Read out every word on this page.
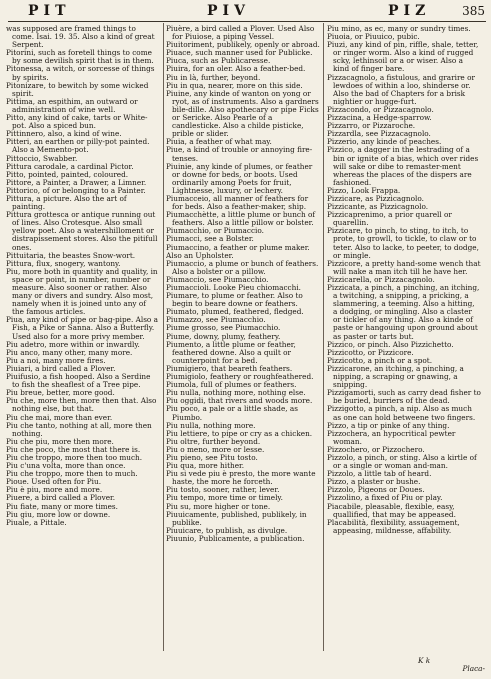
PIT	PIV	PIZ	385

was supposed are framed things to come. Isai. 19. 35. Also a kind of great Serpent.

Pitorini, such as foretell things to come by some devilish spirit that is in them.

Pitonessa, a witch, or sorcesse of things by spirits.

Pitonizare, to bewitch by some wicked spirit.

Pittima, an espithim, an outward or administration of wine well.

Pitto, any kind of cake, tarts or White-pot. Also a spiced bun.

Pittinnero, also, a kind of wine.

Pitteri, an earthen or pilly-pot painted. Also a Memento-pot.

Pittoccio, Swabber.

Pittura carodale, a cardinal Pictor.

Pitto, pointed, painted, coloured.

Pittore, a Painter, a Drawer, a Limner.

Pittorico, of or belonging to a Painter.

Pittura, a picture. Also the art of painting.

Pittura grottesca or antique running out of lines. Also Crotesque. Also small yellow poet. Also a watershilloment or distrapissement stores. Also the pitifull ones.

Pittuitaria, the beastes Snow-wort.

Pittura, flux, snogery, wantony.

Piu, more both in quantity and quality, in space or point, in number, number or measure. Also sooner or rather. Also many or divers and sundry. Also most, namely when it is joined unto any of the famous articles.

Piua, any kind of pipe or bag-pipe. Also a Fish, a Pike or Sanna. Also a Butterfly. Used also for a more privy member.

Piu adetro, more within or inwardly.

Piu anco, many other, many more.

Piu a noi, many more fires.

Piuiari, a bird called a Plover.

Piuifusio, a fish hooped. Also a Serdine to fish the sheaflest of a Tree pipe.

Piu breue, better, more good.

Piu che, more then, more then that. Also nothing else, but that.

Piu che mai, more than ever.

Piu che tanto, nothing at all, more then nothing.

Piu che piu, more then more.

Piu che poco, the most that there is.

Piu che troppo, more then too much.

Piu c'una volta, more than once.

Piu che troppo, more then to much.

Pioue. Used often for Piu.

Piu è piu, more and more.

Piuere, a bird called a Plover.

Piu fiate, many or more times.

Piu giu, more low or downe.

Piuale, a Pittale.

Piuère, a bird called a Plover. Used Also for Piuiose, a piping Vessel.

Piuitoriment, publikely, openly or abroad.

Piuace, such manner used for Publicke.

Piuca, such as Publicaresse.

Piuira, for an oler. Also a feather-bed.

Piu in là, further, beyond.

Piu in qua, nearer, more on this side.

Piuine, any kinde of wanton on yong or ryot, as of instruments. Also a gardners bile-dille. Also apothecary or pipe Ficks or Sericke. Also Pearle of a candlesticke. Also a childe pisticke, prible or slider.

Piuia, a feather of what may.

Piue, a kind of trouble or annoying fire-tenses.

Piuinie, any kinde of plumes, or feather or downe for beds, or boots. Used ordinarily among Poets for fruit, Lightnesse, luxury, or lechery.

Piumacceio, all manner of feathers for for beds. Also a feather-maker, ship.

Piumacchètte, a little plume or bunch of feathers. Also a little pillow or bolster.

Piumacchio, or Piumaccio.

Piumacci, see a Bolster.

Piumaccino, a feather or plume maker.

Also an Upholster.

Piumaccio, a plume or bunch of feathers. Also a bolster or a pillow.

Piumaccio, see Piumacchio.

Piumaccioli. Looke Pieu chiomacchi.

Piumare, to plume or feather. Also to begin to beare downe or feathers.

Piumato, plumed, feathered, fledged.

Piumazzo, see Piumacchio.

Piume grosso, see Piumacchio.

Piume, downy, plumy, feathery.

Piumento, a little plume or feather, feathered downe. Also a quilt or counterpoint for a bed.

Piumigiero, that beareth feathers.

Piumigiolo, feathery or roughfeathered.

Piumola, full of plumes or feathers.

Piu nulla, nothing more, nothing else.

Piu oggidi, that rivers and woods more.

Piu poco, a pale or a little shade, as Piumbo.

Piu nulla, nothing more.

Piu lettiere, to pipe or cry as a chicken.

Piu oltre, further beyond.

Piu o meno, more or lesse.

Piu pieno, see Pitu tosto.

Piu qua, more hither.

Piu si vede piu è presto, the more wante haste, the more he forceth.

Piu tosto, sooner, rather, lever.

Piu tempo, more time or timely.

Piu su, more higher or tone.

Piuuicamente, published, publikely, in publike.

Piuuicare, to publish, as divulge.

Piuunio, Publicamente, a publication.

Piu mino, as ec, many or sundry times.

Piuoia, or Piuuico, pubic.

Piuzi, any kind of pin, riffle, shale, tetter, or ringer worm. Also a kind of rugged scky, lethinsoil or a or wiser. Also a kind of finger bare.

Pizzacagnolo, a fistulous, and grarire or lewdoes of within a loo, shinderse or. Also the bad of Chapters for a brisk nightier or hugge-furt.

Pizzacondo, or Pizzacagnolo.

Pizzacina, a Hedge-sparrow.

Pizzarro, or Pizzaroche.

Pizzardla, see Pizzacagnolo.

Pizzerio, any kinde of peaches.

Pizzico, a dagger in the lestrading of a bin or ignite of a bias, which over rides will sake or dibe to remaster-ment whereas the places of the dispers are fashioned.

Pizzo, Look Frappa.

Pizzicare, as Pizzicagnolo.

Pizzicante, as Pizzicagnolo.

Pizzicaprenimo, a prior quarell or quarellin.

Pizzicare, to pinch, to sting, to itch, to prote, to growll, to tickle, to claw or to teter. Also to lacke, to peeter, to dodge, or mingle.

Pizzicore, a pretty hand-some wench that will nake a man itch till he have her.

Pizzicarella, or Pizzacagnolo.

Pizzicata, a pinch, a pinching, an itching, a twitching, a snipping, a pricking, a slammering, a teeming. Also a hitting, a dodging, or mingling. Also a claster or tickler of any thing. Also a kinde of paste or hangouing upon ground about as paster or tarts but.

Pizzico, or pinch. Also Pizzichetto.

Pizzicotto, or Pizzicore.

Pizzicotto, a pinch or a spot.

Pizzicarone, an itching, a pinching, a nipping, a scraping or gnawing, a snipping.

Pizzigamorti, such as carry dead fisher to be buried, burriers of the dead.

Pizzigotto, a pinch, a nip. Also as much as one can hold betweene two fingers.

Pizzo, a tip or pinke of any thing.

Pizzochera, an hypocritical pewter woman.

Pizzochero, or Pizzochero.

Pizzolo, a pinch, or sting. Also a kirtle of or a single or woman and-man.

Pizzolo, a little tab of heard.

Pizzo, a plaster or bushe.

Pizzolo, Pigeons or Doues.

Pizzolino, a fixed of Piu or play.

Piacabile, pleasable, flexible, easy, quallified, that may be appeased.

Placabilità, flexibility, assuagement, appeasing, mildnesse, affability.

K k
Placa-
